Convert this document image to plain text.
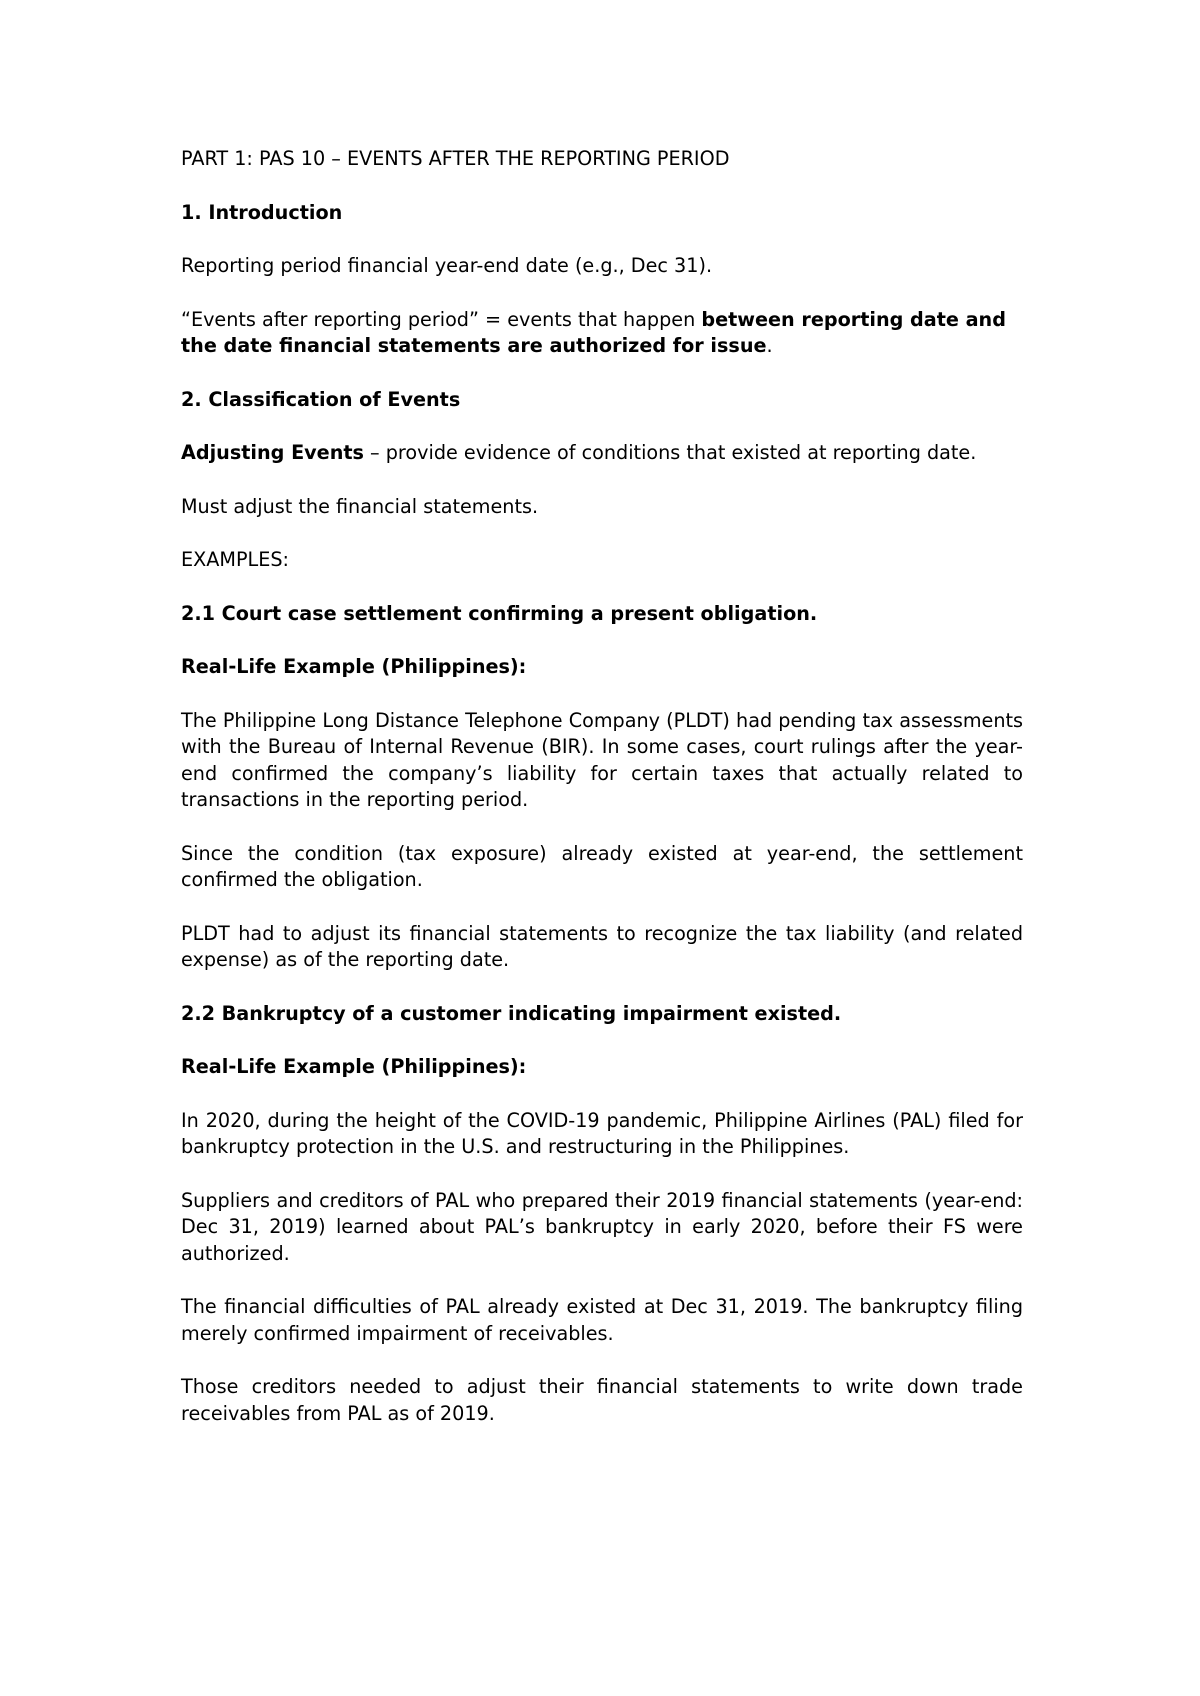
PART 1: PAS 10 – EVENTS AFTER THE REPORTING PERIOD

1. Introduction

Reporting period financial year-end date (e.g., Dec 31).

“Events after reporting period” = events that happen between reporting date and the date financial statements are authorized for issue.

2. Classification of Events

Adjusting Events – provide evidence of conditions that existed at reporting date.

Must adjust the financial statements.

EXAMPLES:

2.1 Court case settlement confirming a present obligation.

Real-Life Example (Philippines):

The Philippine Long Distance Telephone Company (PLDT) had pending tax assessments with the Bureau of Internal Revenue (BIR). In some cases, court rulings after the year-end confirmed the company’s liability for certain taxes that actually related to transactions in the reporting period.

Since the condition (tax exposure) already existed at year-end, the settlement confirmed the obligation.

PLDT had to adjust its financial statements to recognize the tax liability (and related expense) as of the reporting date.

2.2 Bankruptcy of a customer indicating impairment existed.

Real-Life Example (Philippines):

In 2020, during the height of the COVID-19 pandemic, Philippine Airlines (PAL) filed for bankruptcy protection in the U.S. and restructuring in the Philippines.

Suppliers and creditors of PAL who prepared their 2019 financial statements (year-end: Dec 31, 2019) learned about PAL’s bankruptcy in early 2020, before their FS were authorized.

The financial difficulties of PAL already existed at Dec 31, 2019. The bankruptcy filing merely confirmed impairment of receivables.

Those creditors needed to adjust their financial statements to write down trade receivables from PAL as of 2019.
